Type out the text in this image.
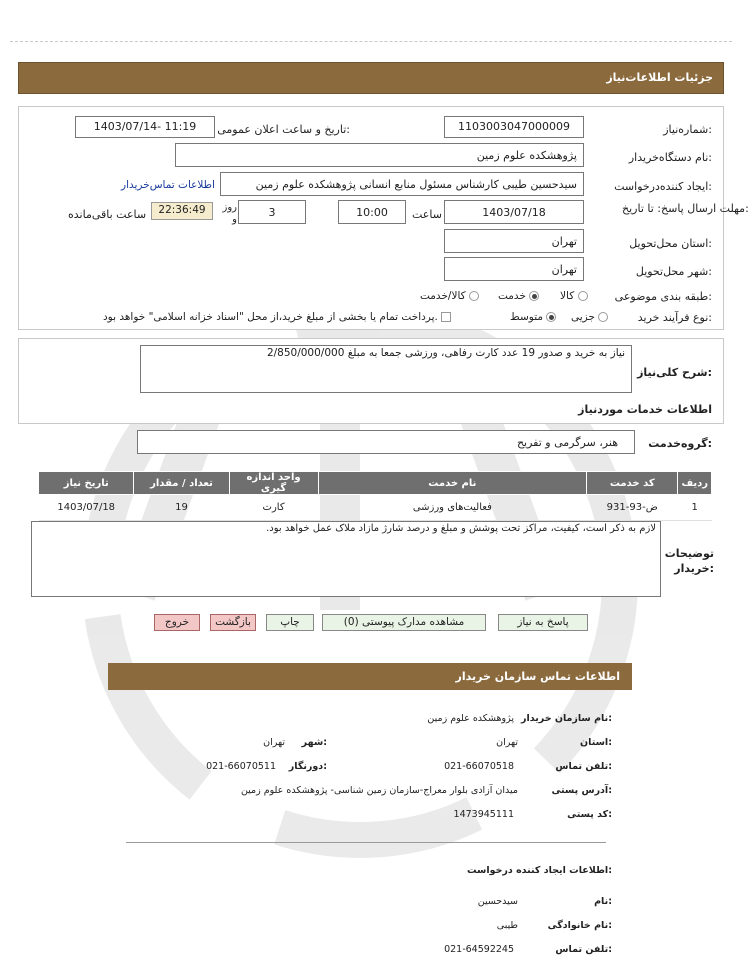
جزئیات اطلاعات‌نیاز
شماره‌نیاز:
1103003047000009
تاریخ و ساعت اعلان عمومی:
1403/07/14- 11:19
نام دستگاه‌خریدار:
پژوهشکده علوم زمین
ایجاد کننده‌درخواست:
سیدحسین طیبی کارشناس مسئول منابع انسانی پژوهشکده علوم زمین
اطلاعات تماس‌خریدار
مهلت ارسال پاسخ: تا تاریخ:
1403/07/18
ساعت
10:00
3
روز و
22:36:49
ساعت باقی‌مانده
استان محل‌تحویل:
تهران
شهر محل‌تحویل:
تهران
طبقه بندی موضوعی:
کالا
خدمت
کالا/خدمت
نوع فرآیند خرید:
جزیی
متوسط
پرداخت تمام یا بخشی از مبلغ خرید،از محل "اسناد خزانه اسلامی" خواهد بود.
شرح کلی‌نیاز:
نیاز به خرید و صدور 19 عدد کارت رفاهی، ورزشی جمعا به مبلغ 2/850/000/000
اطلاعات خدمات موردنیاز
گروه‌خدمت:
هنر، سرگرمی و تفریح
ردیف	کد خدمت	نام خدمت	واحد اندازه گیری	تعداد / مقدار	تاریخ نیاز
1	ض-93-931	فعالیت‌های ورزشی	کارت	19	1403/07/18
توضیحات خریدار:
لازم به ذکر است، کیفیت، مراکز تحت پوشش و مبلغ و درصد شارژ مازاد ملاک عمل خواهد بود.
پاسخ به نیاز
مشاهده مدارک پیوستی (0)
چاپ
بازگشت
خروج
اطلاعات تماس سازمان خریدار
نام سازمان خریدار:
پژوهشکده علوم زمین
استان:
تهران
شهر:
تهران
تلفن تماس:
021-66070518
دورنگار:
021-66070511
آدرس پستی:
میدان آزادی بلوار معراج-سازمان زمین شناسی- پژوهشکده علوم زمین
کد پستی:
1473945111
اطلاعات ایجاد کننده درخواست:
نام:
سیدحسین
نام خانوادگی:
طیبی
تلفن تماس:
021-64592245
